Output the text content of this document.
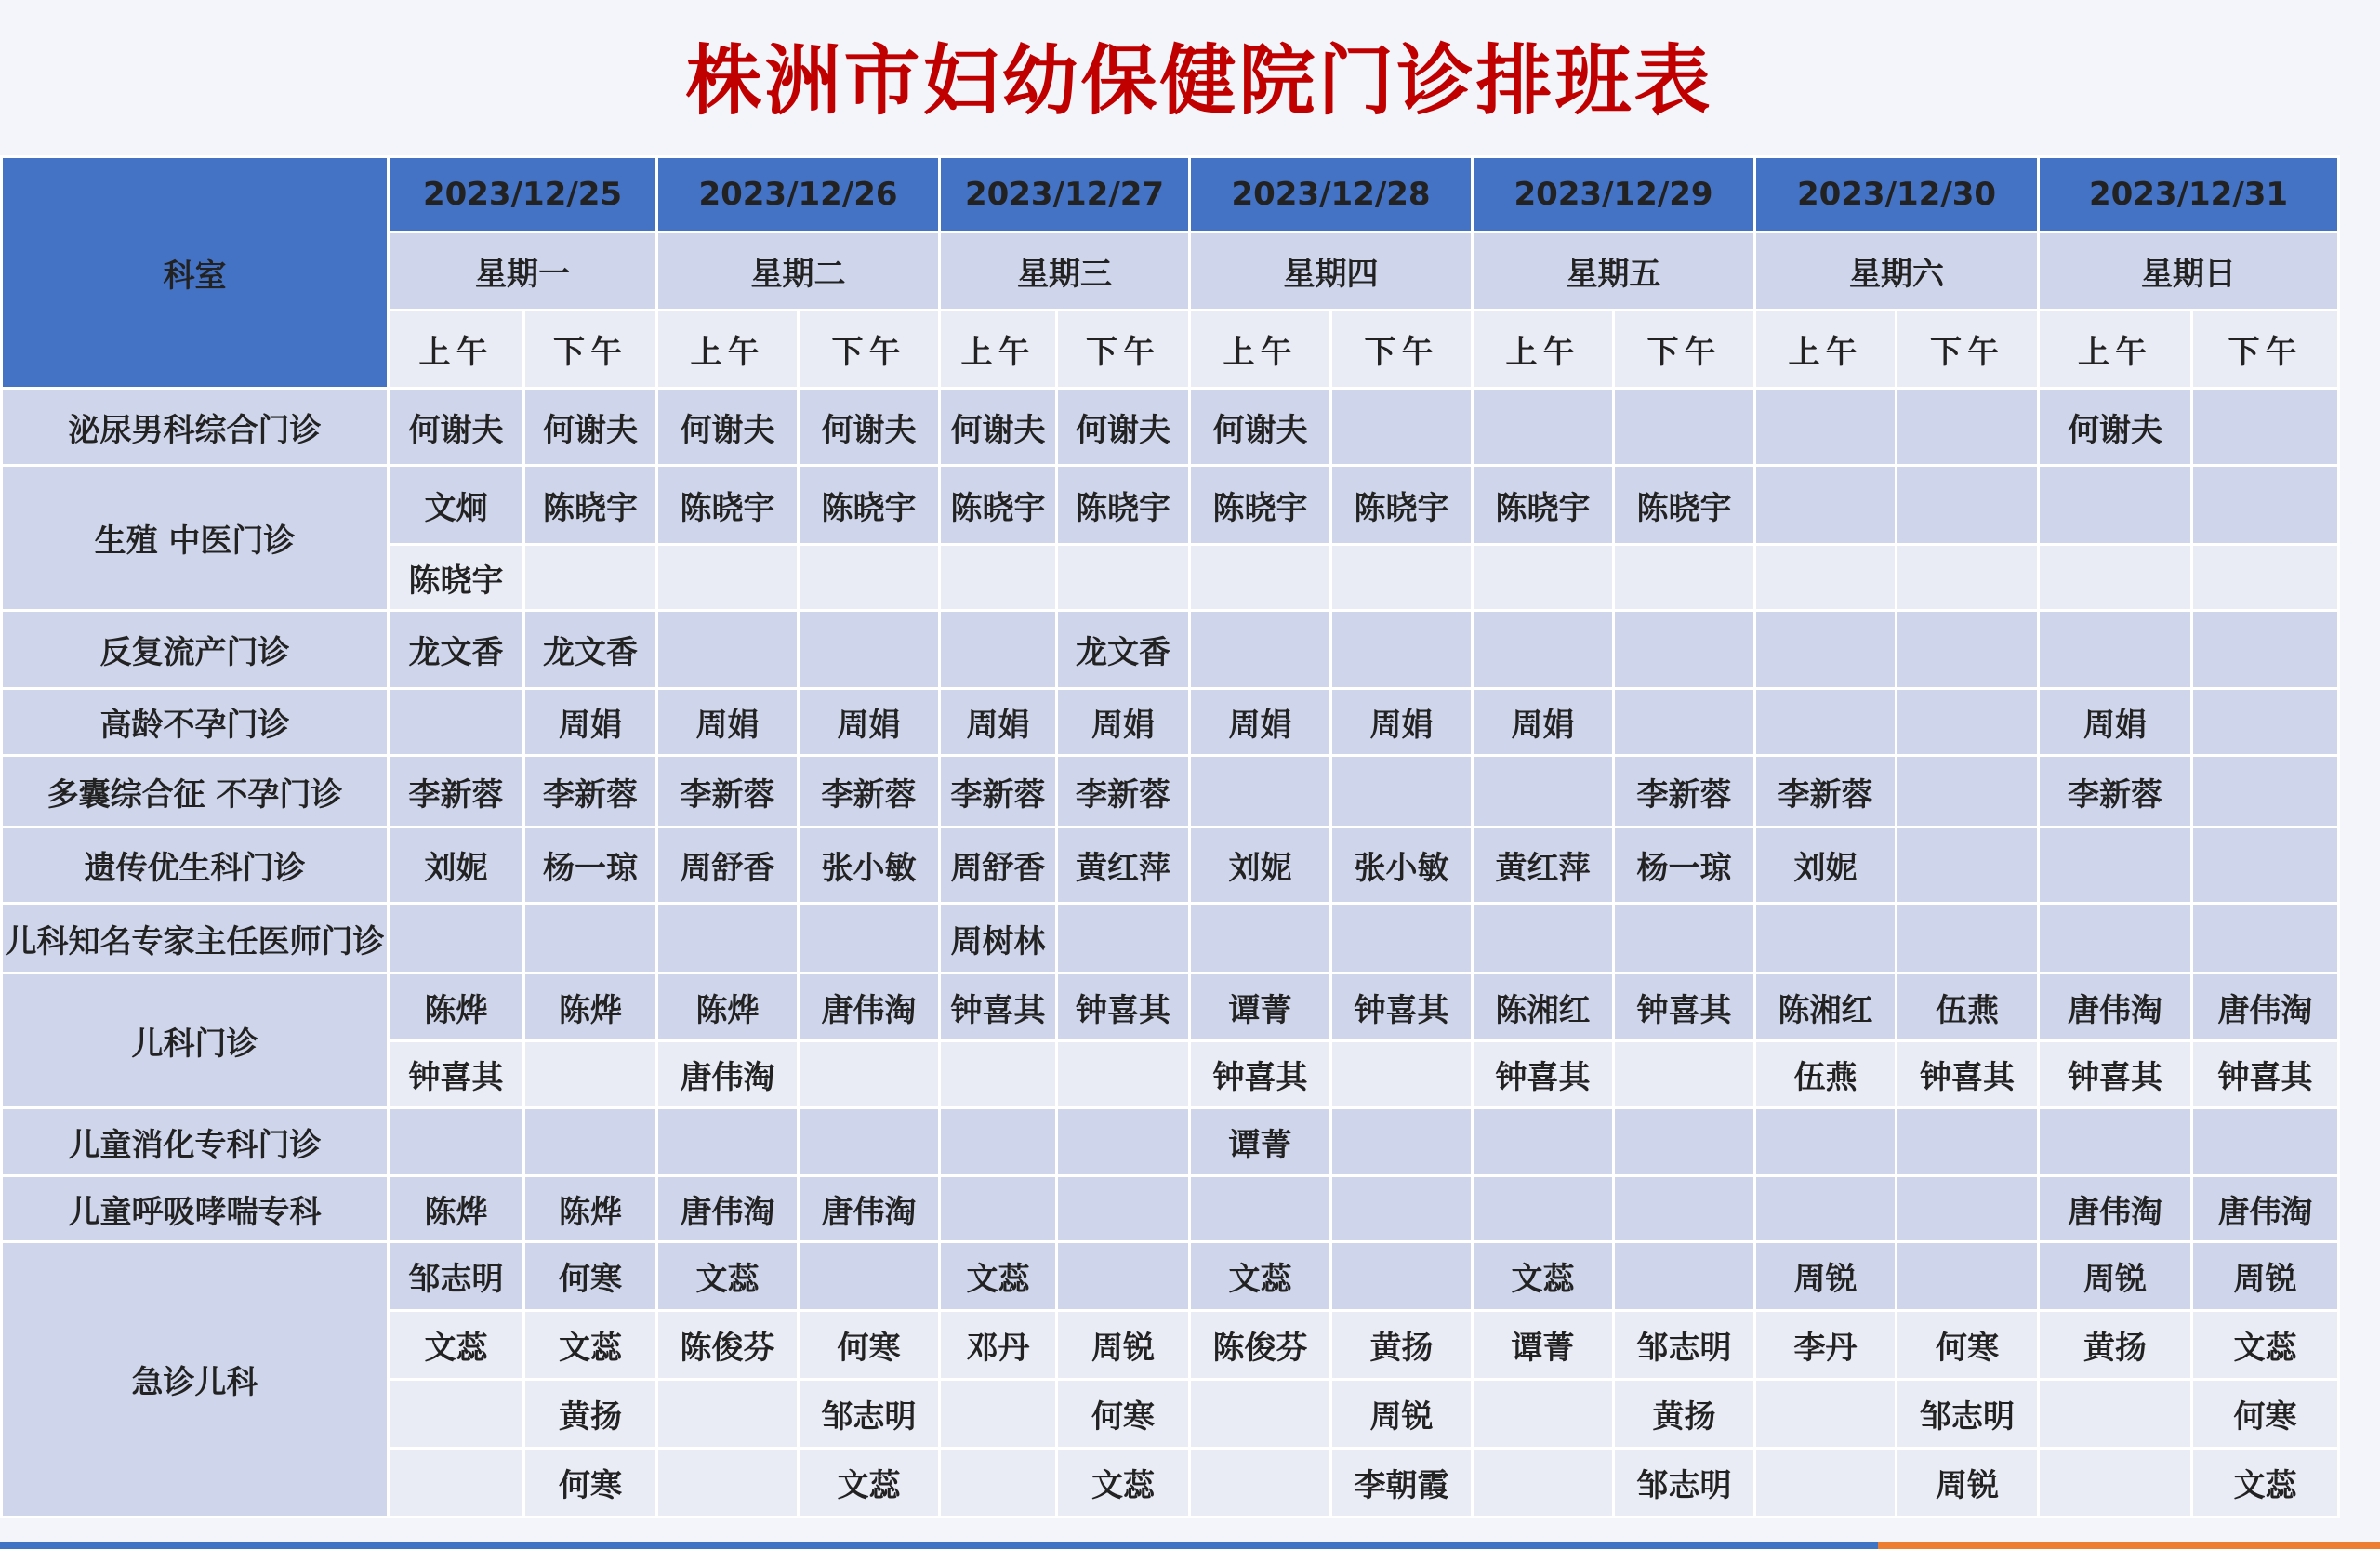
株洲市妇幼保健院门诊排班表
科室	2023/12/25		2023/12/26		2023/12/27		2023/12/28		2023/12/29		2023/12/30		2023/12/31	
	星期一		星期二		星期三		星期四		星期五		星期六		星期日	
	上午	下午	上午	下午	上午	下午	上午	下午	上午	下午	上午	下午	上午	下午
泌尿男科综合门诊	何谢夫	何谢夫	何谢夫	何谢夫	何谢夫	何谢夫	何谢夫						何谢夫	
生殖 中医门诊	文炯	陈晓宇	陈晓宇	陈晓宇	陈晓宇	陈晓宇	陈晓宇	陈晓宇	陈晓宇	陈晓宇				
	陈晓宇													
反复流产门诊	龙文香	龙文香				龙文香								
高龄不孕门诊		周娟	周娟	周娟	周娟	周娟	周娟	周娟	周娟				周娟	
多囊综合征 不孕门诊	李新蓉	李新蓉	李新蓉	李新蓉	李新蓉	李新蓉				李新蓉	李新蓉		李新蓉	
遗传优生科门诊	刘妮	杨一琼	周舒香	张小敏	周舒香	黄红萍	刘妮	张小敏	黄红萍	杨一琼	刘妮			
儿科知名专家主任医师门诊					周树林									
儿科门诊	陈烨	陈烨	陈烨	唐伟淘	钟喜其	钟喜其	谭菁	钟喜其	陈湘红	钟喜其	陈湘红	伍燕	唐伟淘	唐伟淘
	钟喜其		唐伟淘				钟喜其		钟喜其		伍燕	钟喜其	钟喜其	钟喜其
儿童消化专科门诊							谭菁							
儿童呼吸哮喘专科	陈烨	陈烨	唐伟淘	唐伟淘									唐伟淘	唐伟淘
急诊儿科	邹志明	何寒	文蕊		文蕊		文蕊		文蕊		周锐		周锐	周锐
	文蕊	文蕊	陈俊芬	何寒	邓丹	周锐	陈俊芬	黄扬	谭菁	邹志明	李丹	何寒	黄扬	文蕊
		黄扬		邹志明		何寒		周锐		黄扬		邹志明		何寒
		何寒		文蕊		文蕊		李朝霞		邹志明		周锐		文蕊
